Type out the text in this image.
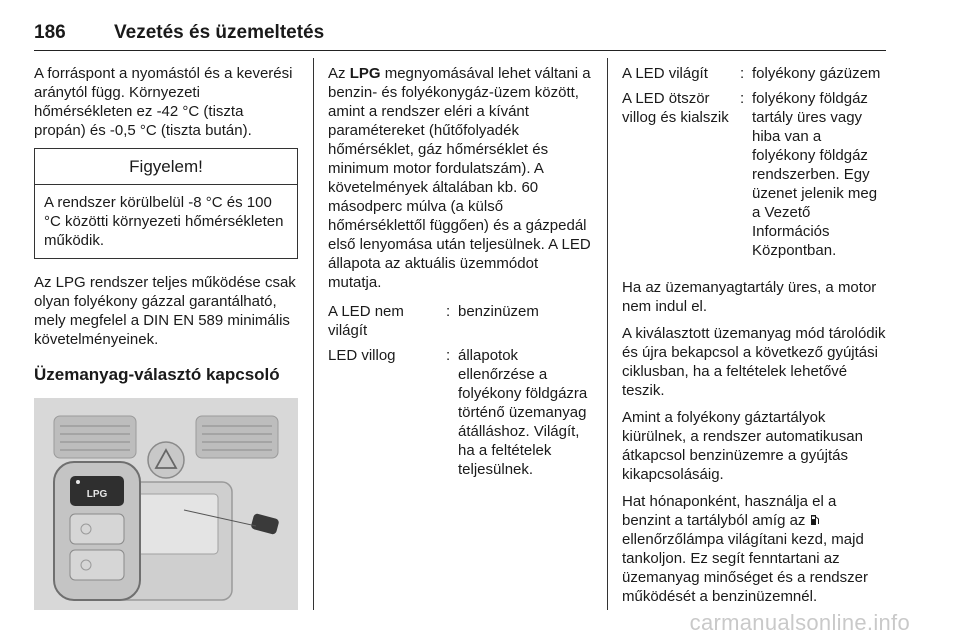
186	Vezetés és üzemeltetés

A forráspont a nyomástól és a keverési aránytól függ. Környezeti hőmérsékleten ez -42 °C (tiszta propán) és -0,5 °C (tiszta bután).

Figyelem!
A rendszer körülbelül -8 °C és 100 °C közötti környezeti hőmérsékleten működik.

Az LPG rendszer teljes működése csak olyan folyékony gázzal garantálható, mely megfelel a DIN EN 589 minimális követelményeinek.

Üzemanyag-választó kapcsoló
LPG

Az LPG megnyomásával lehet váltani a benzin- és folyékonygáz-üzem között, amint a rendszer eléri a kívánt paramétereket (hűtőfolyadék hőmérséklet, gáz hőmérséklet és minimum motor fordulatszám). A követelmények általában kb. 60 másodperc múlva (a külső hőmérséklettől függően) és a gázpedál első lenyomása után teljesülnek. A LED állapota az aktuális üzemmódot mutatja.

A LED nem világít
: benzinüzem
LED villog	: állapotok ellenőrzése a folyékony földgázra történő üzemanyag átálláshoz. Világít, ha a feltételek teljesülnek.
A LED világít	: folyékony gázüzem
A LED ötször villog és kialszik
: folyékony földgáz tartály üres vagy hiba van a folyékony földgáz rendszerben. Egy üzenet jelenik meg a Vezető Információs Központban.

Ha az üzemanyagtartály üres, a motor nem indul el.

A kiválasztott üzemanyag mód tárolódik és újra bekapcsol a következő gyújtási ciklusban, ha a feltételek lehetővé teszik.

Amint a folyékony gáztartályok kiürülnek, a rendszer automatikusan átkapcsol benzinüzemre a gyújtás kikapcsolásáig.

Hat hónaponként, használja el a benzint a tartályból amíg az
ellenőrzőlámpa világítani kezd, majd tankoljon. Ez segít fenntartani az üzemanyag minőséget és a rendszer működését a benzinüzemnél.

carmanualsonline.info
